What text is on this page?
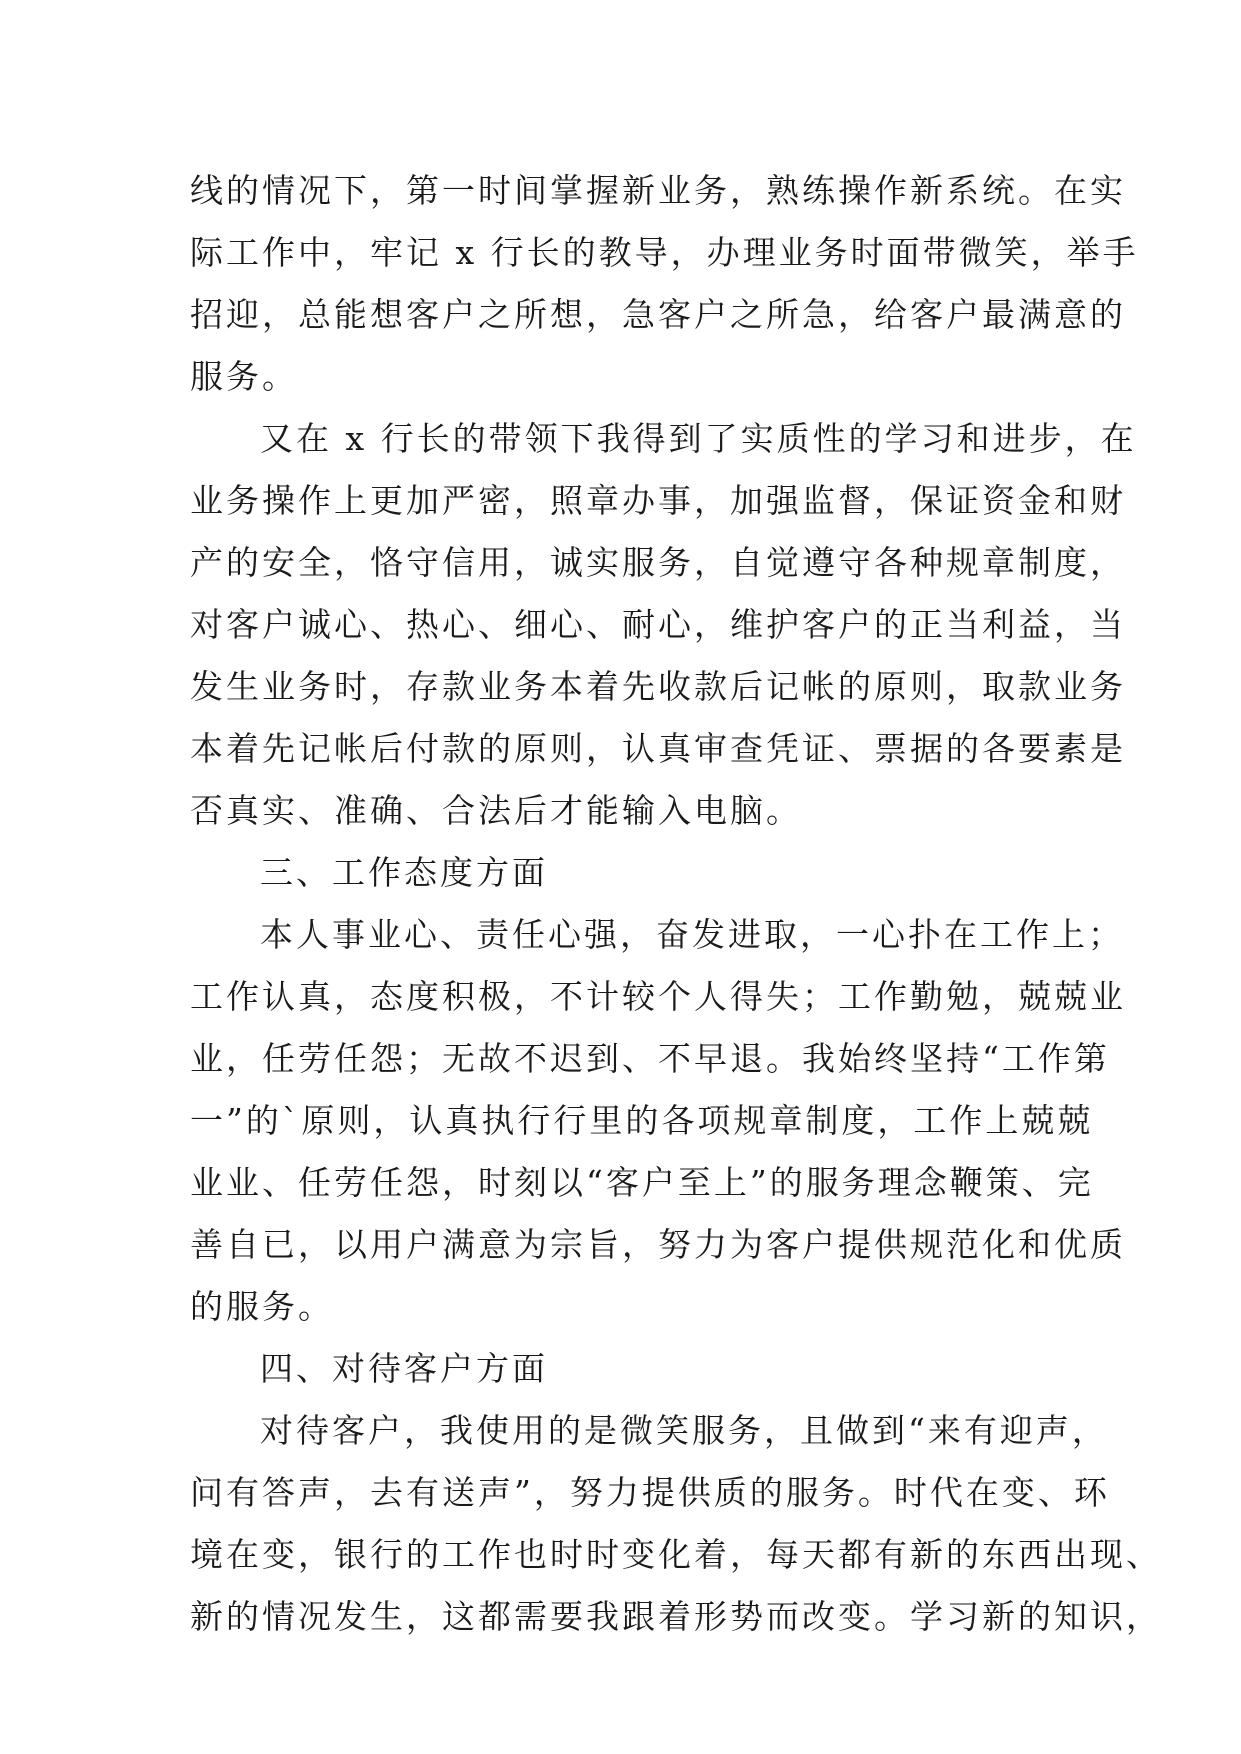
线的情况下，第一时间掌握新业务，熟练操作新系统。在实
际工作中，牢记 x 行长的教导，办理业务时面带微笑，举手
招迎，总能想客户之所想，急客户之所急，给客户最满意的
服务。
又在 x 行长的带领下我得到了实质性的学习和进步，在
业务操作上更加严密，照章办事，加强监督，保证资金和财
产的安全，恪守信用，诚实服务，自觉遵守各种规章制度，
对客户诚心、热心、细心、耐心，维护客户的正当利益，当
发生业务时，存款业务本着先收款后记帐的原则，取款业务
本着先记帐后付款的原则，认真审查凭证、票据的各要素是
否真实、准确、合法后才能输入电脑。
三、工作态度方面
本人事业心、责任心强，奋发进取，一心扑在工作上；
工作认真，态度积极，不计较个人得失；工作勤勉，兢兢业
业，任劳任怨；无故不迟到、不早退。我始终坚持“工作第
一”的`原则，认真执行行里的各项规章制度，工作上兢兢
业业、任劳任怨，时刻以“客户至上”的服务理念鞭策、完
善自已，以用户满意为宗旨，努力为客户提供规范化和优质
的服务。
四、对待客户方面
对待客户，我使用的是微笑服务，且做到“来有迎声，
问有答声，去有送声”，努力提供质的服务。时代在变、环
境在变，银行的工作也时时变化着，每天都有新的东西出现、
新的情况发生，这都需要我跟着形势而改变。学习新的知识，
